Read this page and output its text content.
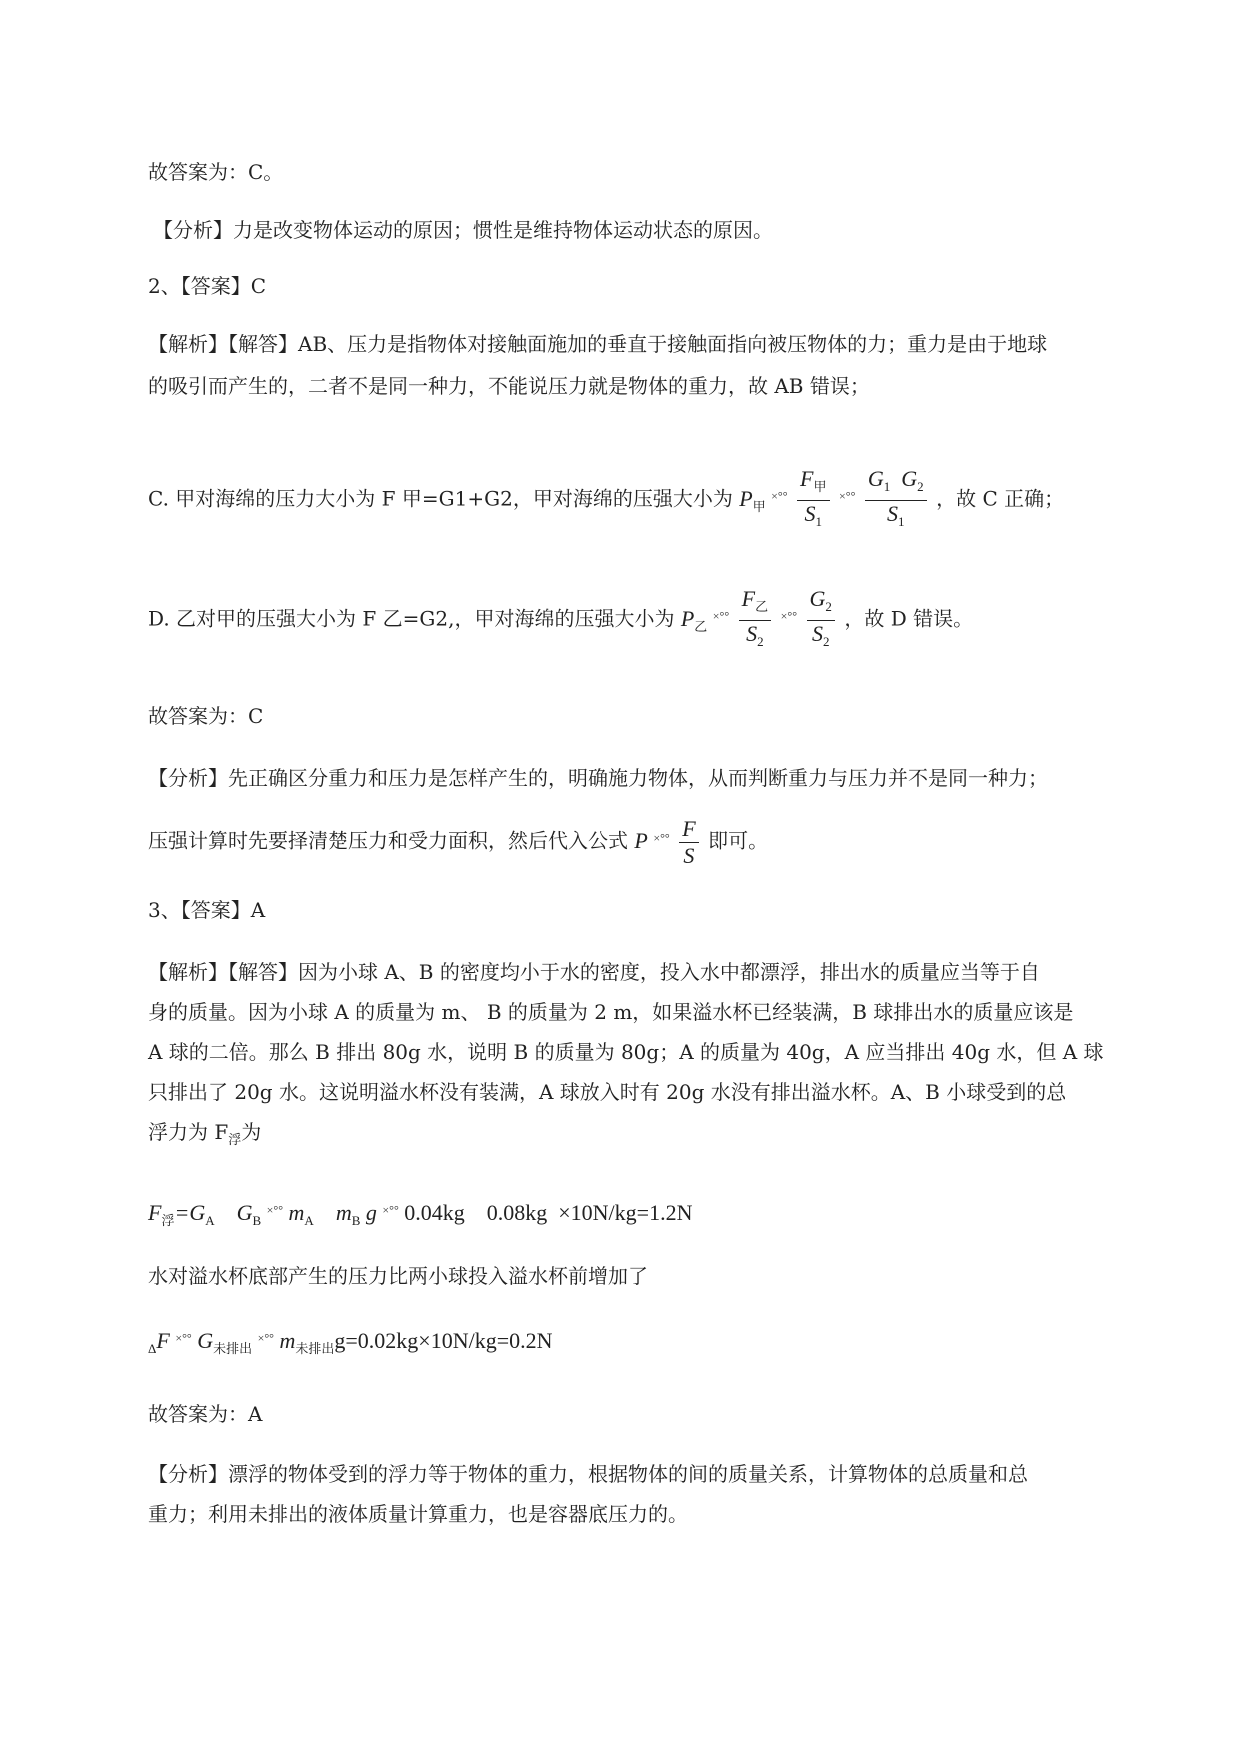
故答案为：C。
【分析】力是改变物体运动的原因；惯性是维持物体运动状态的原因。
2、【答案】C
【解析】【解答】AB、压力是指物体对接触面施加的垂直于接触面指向被压物体的力；重力是由于地球
的吸引而产生的，二者不是同一种力，不能说压力就是物体的重力，故 AB 错误；
C. 甲对海绵的压力大小为 F 甲=G1+G2，甲对海绵的压强大小为 $P_甲$ $^{\times^\circ^\circ} \frac{F_甲}{S_1} ^{\times^\circ^\circ} \frac{G_1 G_2}{S_1}$ ，故 C 正确；
D. 乙对甲的压强大小为 F 乙=G2,，甲对海绵的压强大小为 $P_乙$ $^{\times^\circ^\circ} \frac{F_乙}{S_2} ^{\times^\circ^\circ} \frac{G_2}{S_2}$ ，故 D 错误。
故答案为：C
【分析】先正确区分重力和压力是怎样产生的，明确施力物体，从而判断重力与压力并不是同一种力；
压强计算时先要择清楚压力和受力面积，然后代入公式 P $^{\times^\circ^\circ} \frac{F}{S}$ 即可。
3、【答案】A
【解析】【解答】因为小球 A、B 的密度均小于水的密度，投入水中都漂浮，排出水的质量应当等于自
身的质量。因为小球 A 的质量为 m、 B 的质量为 2 m，如果溢水杯已经装满，B 球排出水的质量应该是
A 球的二倍。那么 B 排出 80g 水，说明 B 的质量为 80g；A 的质量为 40g，A 应当排出 40g 水，但 A 球
只排出了 20g 水。这说明溢水杯没有装满，A 球放入时有 20g 水没有排出溢水杯。A、B 小球受到的总
浮力为 $F_浮$为
$F_浮=G_A$ $G_B$ ×°° $m_A$ $m_B$ g ×°° 0.04kg 0.08kg ×10N/kg=1.2N
水对溢水杯底部产生的压力比两小球投入溢水杯前增加了
$_\Delta$F ×°° $G_{未排出}$ ×°° $m_{未排出}g=0.02kg\times 10N/kg=0.2N$
故答案为：A
【分析】漂浮的物体受到的浮力等于物体的重力，根据物体的间的质量关系，计算物体的总质量和总
重力；利用未排出的液体质量计算重力，也是容器底压力的。
